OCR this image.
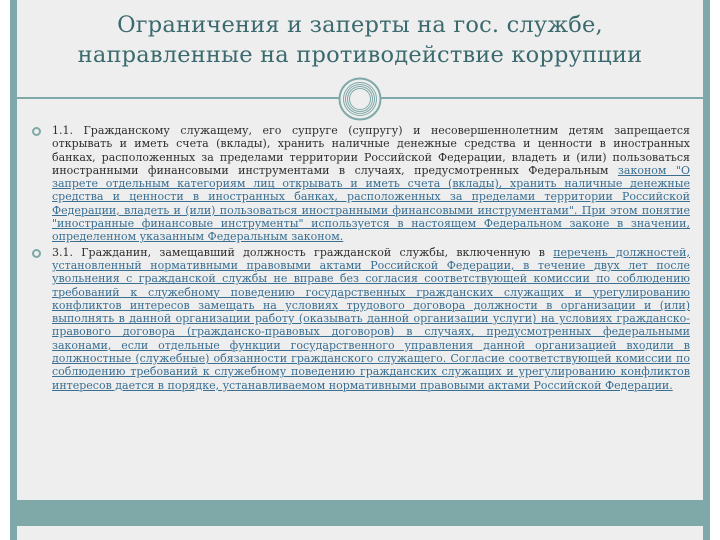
Ограничения и заперты на гос. службе,
направленные на противодействие коррупции

1.1. Гражданскому служащему, его супруге (супругу) и несовершеннолетним детям запрещается открывать и иметь счета (вклады), хранить наличные денежные средства и ценности в иностранных банках, расположенных за пределами территории Российской Федерации, владеть и (или) пользоваться иностранными финансовыми инструментами в случаях, предусмотренных Федеральным законом "О запрете отдельным категориям лиц открывать и иметь счета (вклады), хранить наличные денежные средства и ценности в иностранных банках, расположенных за пределами территории Российской Федерации, владеть и (или) пользоваться иностранными финансовыми инструментами". При этом понятие "иностранные финансовые инструменты" используется в настоящем Федеральном законе в значении, определенном указанным Федеральным законом.

3.1. Гражданин, замещавший должность гражданской службы, включенную в перечень должностей, установленный нормативными правовыми актами Российской Федерации, в течение двух лет после увольнения с гражданской службы не вправе без согласия соответствующей комиссии по соблюдению требований к служебному поведению государственных гражданских служащих и урегулированию конфликтов интересов замещать на условиях трудового договора должности в организации и (или) выполнять в данной организации работу (оказывать данной организации услуги) на условиях гражданско-правового договора (гражданско-правовых договоров) в случаях, предусмотренных федеральными законами, если отдельные функции государственного управления данной организацией входили в должностные (служебные) обязанности гражданского служащего. Согласие соответствующей комиссии по соблюдению требований к служебному поведению гражданских служащих и урегулированию конфликтов интересов дается в порядке, устанавливаемом нормативными правовыми актами Российской Федерации.
